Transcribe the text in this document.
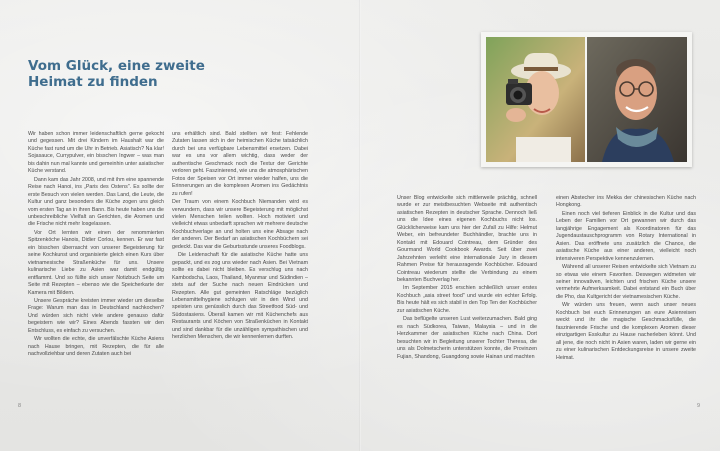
Vom Glück, eine zweite Heimat zu finden

Wir haben schon immer leidenschaftlich gerne gekocht und gegessen. Mit drei Kindern im Haushalt war die Küche fast rund um die Uhr in Betrieb. Asiatisch? Na klar! Sojasauce, Currypulver, ein bisschen Ingwer – was man bis dahin nun mal kannte und gemeinhin unter asiatischer Küche verstand.

Dann kam das Jahr 2008, und mit ihm eine spannende Reise nach Hanoi, ins „Paris des Ostens". Es sollte der erste Besuch von vielen werden. Das Land, die Leute, die Kultur und ganz besonders die Küche zogen uns gleich vom ersten Tag an in ihren Bann. Bis heute haben uns die unbeschreibliche Vielfalt an Gerichten, die Aromen und die Frische nicht mehr losgelassen.

Vor Ort lernten wir einen der renommierten Spitzenköche Hanois, Didier Corlou, kennen. Er war fast ein bisschen überrascht von unserer Begeisterung für seine Kochkunst und organisierte gleich einen Kurs über vietnamesische Straßenküche für uns. Unsere kulinarische Liebe zu Asien war damit endgültig entflammt. Und so füllte sich unser Notizbuch Seite um Seite mit Rezepten – ebenso wie die Speicherkarte der Kamera mit Bildern.

Unsere Gespräche kreisten immer wieder um dieselbe Frage: Warum man das in Deutschland nachkochen? Und würden sich nicht viele andere genauso dafür begeistern wie wir? Eines Abends fassten wir den Entschluss, es einfach zu versuchen.

Wir wollten die echte, die unverfälschte Küche Asiens nach Hause bringen, mit Rezepten, die für alle nachvollziehbar und deren Zutaten auch bei

uns erhältlich sind. Bald stellten wir fest: Fehlende Zutaten lassen sich in der heimischen Küche tatsächlich durch bei uns verfügbare Lebensmittel ersetzen. Dabei war es uns vor allem wichtig, dass weder der authentische Geschmack noch die Textur der Gerichte verloren geht. Faszinierend, wie uns die atmosphärischen Fotos der Speisen vor Ort immer wieder halfen, uns die Erinnerungen an die komplexen Aromen ins Gedächtnis zu rufen!

Der Traum von einem Kochbuch Niemanden wird es verwundern, dass wir unsere Begeisterung mit möglichst vielen Menschen teilen wollten. Hoch motiviert und vielleicht etwas unbedarft sprachen wir mehrere deutsche Kochbuchverlage an und holten uns eine Absage nach der anderen. Der Bedarf an asiatischen Kochbüchern sei gedeckt. Das war die Geburtsstunde unseres Foodblogs.

Die Leidenschaft für die asiatische Küche hatte uns gepackt, und es zog uns wieder nach Asien. Bei Vietnam sollte es dabei nicht bleiben. Es verschlug uns nach Kambodscha, Laos, Thailand, Myanmar und Südindien – stets auf der Suche nach neuen Eindrücken und Rezepten. Alle gut gemeinten Ratschläge bezüglich Lebensmittelhygiene schlugen wir in den Wind und speisten uns genüsslich durch das Streetfood Süd- und Südostasiens. Überall kamen wir mit Küchenchefs aus Restaurants und Köchen von Straßenküchen in Kontakt und sind dankbar für die unzähligen sympathischen und herzlichen Menschen, die wir kennenlernen durften.

Unser Blog entwickelte sich mittlerweile prächtig, schnell wurde er zur meistbesuchten Webseite mit authentisch asiatischen Rezepten in deutscher Sprache. Dennoch ließ uns die Idee eines eigenen Kochbuchs nicht los. Glücklicherweise kam uns hier der Zufall zu Hilfe: Helmut Weber, ein befreundeter Buchhändler, brachte uns in Kontakt mit Edouard Cointreau, dem Gründer des Gourmand World Cookbook Awards. Seit über zwei Jahrzehnten verleiht eine internationale Jury in diesem Rahmen Preise für herausragende Kochbücher. Edouard Cointreau wiederum stellte die Verbindung zu einem bekannten Buchverlag her.

Im September 2015 erschien schließlich unser erstes Kochbuch „asia street food" und wurde ein echter Erfolg. Bis heute hält es sich stabil in den Top Ten der Kochbücher zur asiatischen Küche.

Das beflügelte unseren Lust weiterzumachen. Bald ging es nach Südkorea, Taiwan, Malaysia – und in die Herzkammer der asiatischen Küche nach China. Dort besuchten wir in Begleitung unserer Tochter Theresa, die uns als Dolmetscherin unterstützen konnte, die Provinzen Fujian, Shandong, Guangdong sowie Hainan und machten

einen Abstecher ins Mekka der chinesischen Küche nach Hongkong.

Einen noch viel tieferen Einblick in die Kultur und das Leben der Familien vor Ort gewannen wir durch das langjährige Engagement als Koordinatoren für das Jugendaustauschprogramm von Rotary International in Asien. Das eröffnete uns zusätzlich die Chance, die asiatische Küche aus einer anderen, vielleicht noch intensiveren Perspektive kennenzulernen.

Während all unserer Reisen entwickelte sich Vietnam zu so etwas wie einem Favoriten. Deswegen widmeten wir seiner innovativen, leichten und frischen Küche unsere vermehrte Aufmerksamkeit. Dabei entstand ein Buch über die Pho, das Kultgericht der vietnamesischen Küche.

Wir würden uns freuen, wenn auch unser neues Kochbuch bei euch Erinnerungen an eure Asienreisen weckt und ihr die magische Geschmacksfülle, die faszinierende Frische und die komplexen Aromen dieser einzigartigen Esskultur zu Hause nacherleben könnt. Und all jene, die noch nicht in Asien waren, laden wir gerne ein zu einer kulinarischen Entdeckungsreise in unsere zweite Heimat.

8	9
